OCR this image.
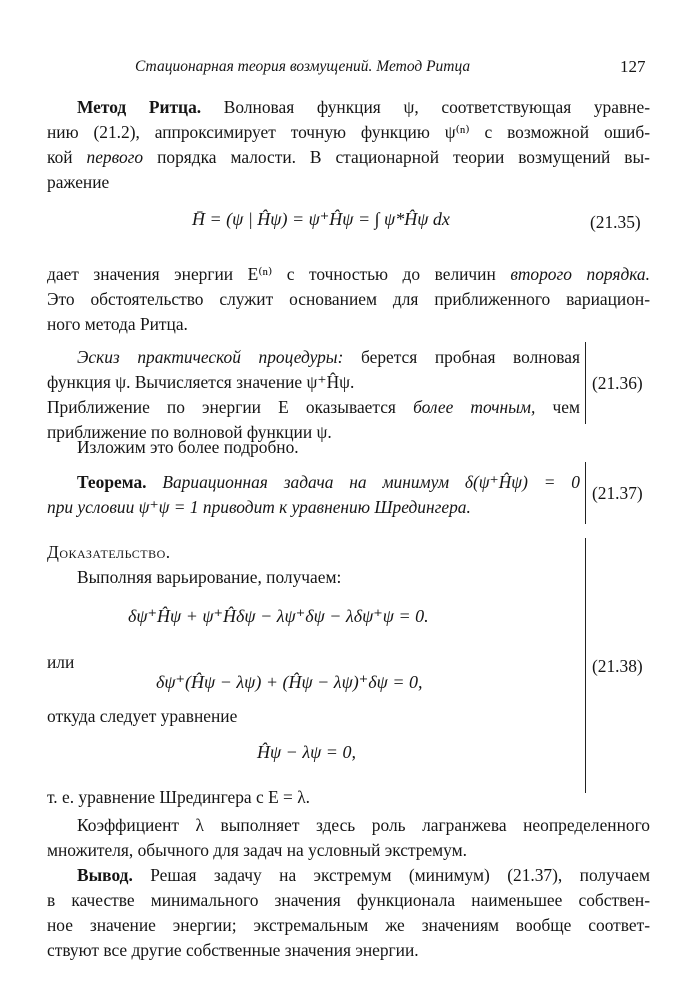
Стационарная теория возмущений. Метод Ритца	127
Метод Ритца. Волновая функция ψ, соответствующая уравне-
нию (21.2), аппроксимирует точную функцию ψ⁽ⁿ⁾ с возможной ошиб-
кой первого порядка малости. В стационарной теории возмущений вы-
ражение
H̄ = (ψ | Ĥψ) = ψ⁺Ĥψ = ∫ ψ*Ĥψ dx	(21.35)
дает значения энергии E⁽ⁿ⁾ с точностью до величин второго порядка.
Это обстоятельство служит основанием для приближенного вариацион-
ного метода Ритца.
Эскиз практической процедуры: берется пробная волновая
функция ψ. Вычисляется значение ψ⁺Ĥψ.
Приближение по энергии E оказывается более точным, чем
приближение по волновой функции ψ.
(21.36)
Изложим это более подробно.
Теорема. Вариационная задача на минимум δ(ψ⁺Ĥψ) = 0
при условии ψ⁺ψ = 1 приводит к уравнению Шредингера.
(21.37)
Доказательство.
Выполняя варьирование, получаем:
δψ⁺Ĥψ + ψ⁺Ĥδψ − λψ⁺δψ − λδψ⁺ψ = 0.
или
δψ⁺(Ĥψ − λψ) + (Ĥψ − λψ)⁺δψ = 0,
откуда следует уравнение
Ĥψ − λψ = 0,
т. е. уравнение Шредингера с E = λ.
(21.38)
Коэффициент λ выполняет здесь роль лагранжева неопределенного
множителя, обычного для задач на условный экстремум.
Вывод. Решая задачу на экстремум (минимум) (21.37), получаем
в качестве минимального значения функционала наименьшее собствен-
ное значение энергии; экстремальным же значениям вообще соответ-
ствуют все другие собственные значения энергии.
